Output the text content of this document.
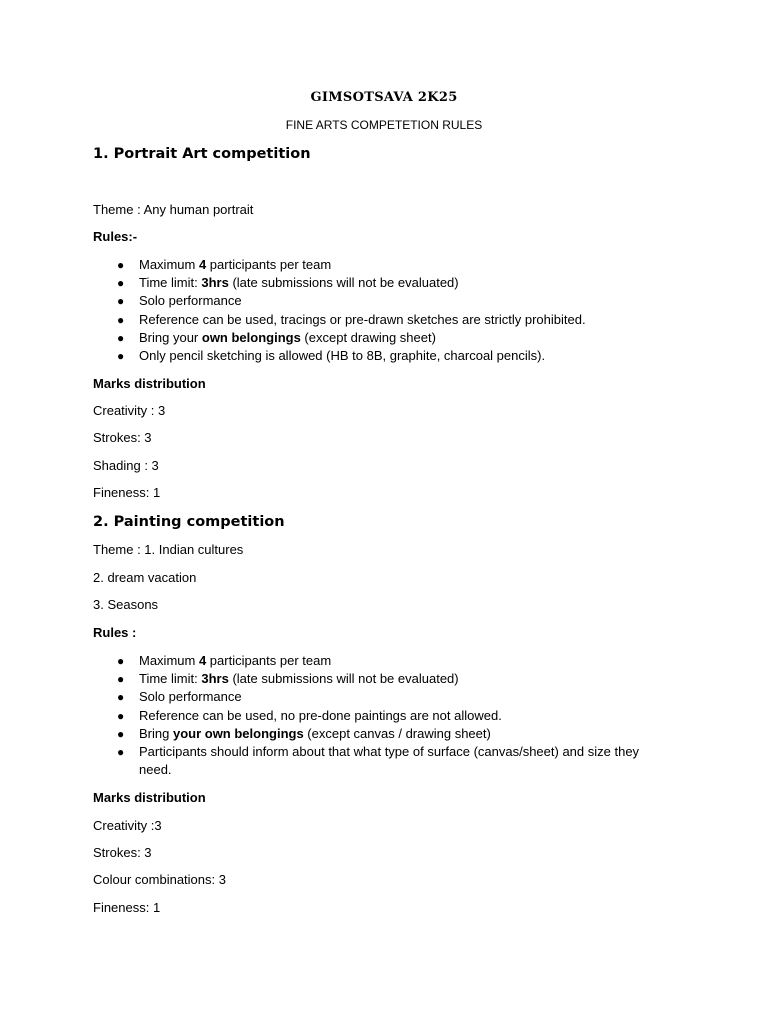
GIMSOTSAVA 2K25
FINE ARTS COMPETETION RULES
1. Portrait Art competition
Theme : Any human portrait
Rules:-
● Maximum 4 participants per team
● Time limit: 3hrs (late submissions will not be evaluated)
● Solo performance
● Reference can be used, tracings or pre-drawn sketches are strictly prohibited.
● Bring your own belongings (except drawing sheet)
● Only pencil sketching is allowed (HB to 8B, graphite, charcoal pencils).
Marks distribution
Creativity : 3
Strokes: 3
Shading : 3
Fineness: 1
2. Painting competition
Theme : 1. Indian cultures
2. dream vacation
3. Seasons
Rules :
● Maximum 4 participants per team
● Time limit: 3hrs (late submissions will not be evaluated)
● Solo performance
● Reference can be used, no pre-done paintings are not allowed.
● Bring your own belongings (except canvas / drawing sheet)
● Participants should inform about that what type of surface (canvas/sheet) and size they
need.
Marks distribution
Creativity :3
Strokes: 3
Colour combinations: 3
Fineness: 1
